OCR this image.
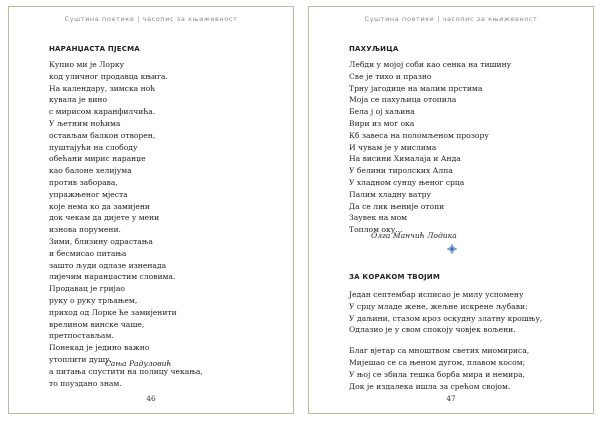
Суштина поетике | часопис за књижевност
НАРАНЏАСТА ПЈЕСМА
Купио ми је Лорку
код уличног продавца књига.
На календару, зимска ноћ
кувала је вино
с мирисом каранфилчића.
У љетним ноћима
остављам балкон отворен,
пуштајући на слободу
обећани мирис наранџе
као балоне хелијума
против заборава,
упражњеног мјеста
које нема ко да замијени
док чекам да дијете у мени
изнова порумени.
Зими, близину одрастања
и бесмисао питања
зашто људи одлазе изненада
лијечим наранџастим словима.
Продавац је гријао
руку о руку трљањем,
приход од Лорке ће замијенити
врелином винске чаше,
претпостављам.
Понекад је једино важно
утоплити душу,
а питања спустити на полицу чекања,
то поуздано знам.
Сања Радуловић
46
Суштина поетике | часопис за књижевност
ПАХУЉИЦА
Лебди у мојој соби као сенка на тишину
Све је тихо и празно
Трну јагодице на малим прстима
Моја се пахуљица отопила
Бела ј ој хаљина
Вири из мог ока
Кб завеса на поломљеном прозору
И чувам је у мислима
На висини Хималаја и Анда
У белини тиролских Алпа
У хладном сунцу њеног срца
Палим хладну ватру
Да се лик њеније отопи
Заувек на мом
Топлом оку...
Олга Манчић Лодика
ЗА КОРАКОМ ТВОЈИМ
Један септембар исписао је милу успомену
У срцу младе жене, жељне искрене љубави:
У даљини, стазом кроз оскудну златну крошњу,
Одлазио је у свом спокоју човјек вољени.
Благ вјетар са мноштвом светих миомириса,
Мијешао се са њеном дугом, плавом косом;
У њој се збила тешка борба мира и немира,
Док је издалека ишла за срећом својом.
47
